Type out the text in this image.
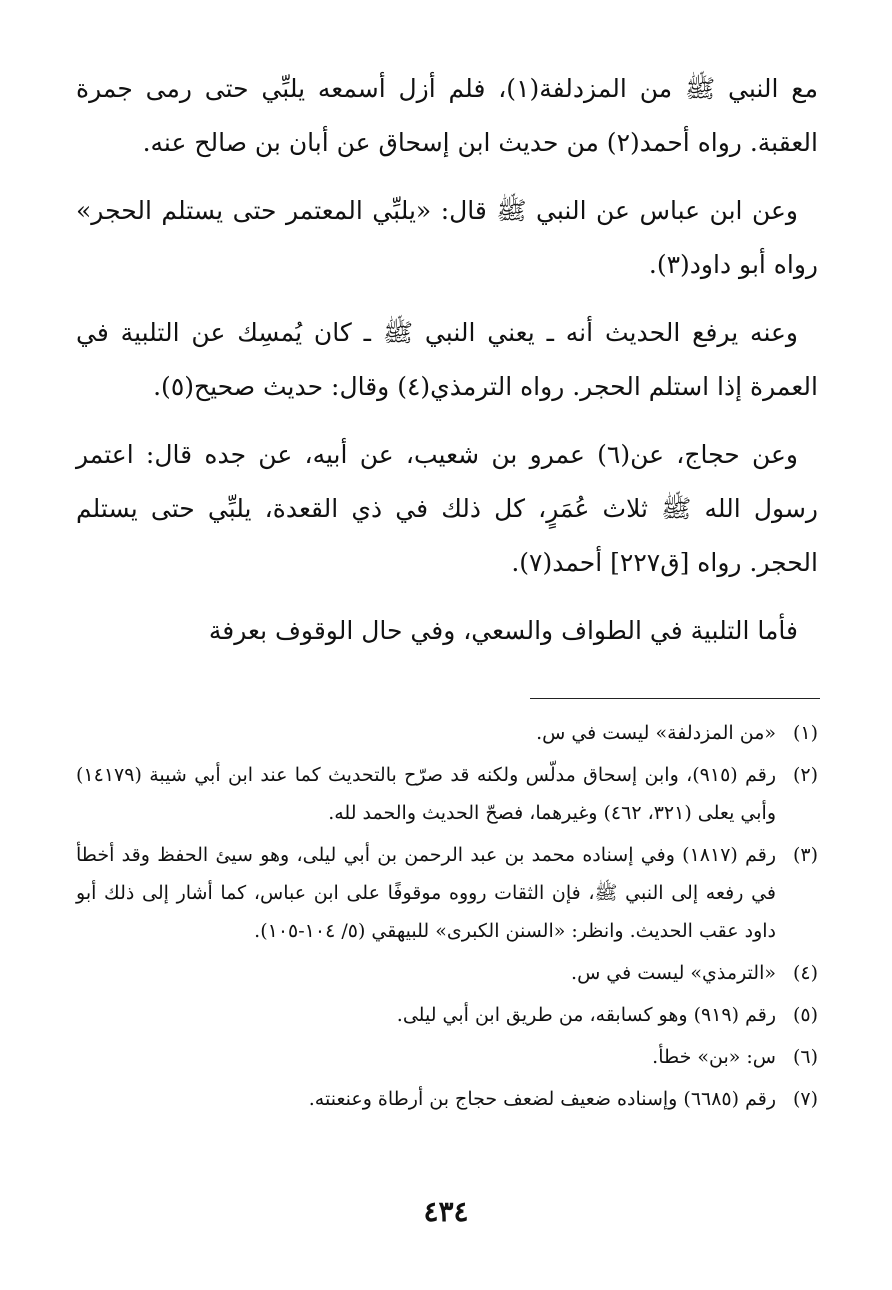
مع النبي ﷺ من المزدلفة(١)، فلم أزل أسمعه يلبِّي حتى رمى جمرة العقبة. رواه أحمد(٢) من حديث ابن إسحاق عن أبان بن صالح عنه.

وعن ابن عباس عن النبي ﷺ قال: «يلبِّي المعتمر حتى يستلم الحجر» رواه أبو داود(٣).

وعنه يرفع الحديث أنه ـ يعني النبي ﷺ ـ كان يُمسِك عن التلبية في العمرة إذا استلم الحجر. رواه الترمذي(٤) وقال: حديث صحيح(٥).

وعن حجاج، عن(٦) عمرو بن شعيب، عن أبيه، عن جده قال: اعتمر رسول الله ﷺ ثلاث عُمَرٍ، كل ذلك في ذي القعدة، يلبِّي حتى يستلم الحجر. رواه [ق٢٢٧] أحمد(٧).

فأما التلبية في الطواف والسعي، وفي حال الوقوف بعرفة

(١)
«من المزدلفة» ليست في س.
(٢)
رقم (٩١٥)، وابن إسحاق مدلّس ولكنه قد صرّح بالتحديث كما عند ابن أبي شيبة (١٤١٧٩) وأبي يعلى (٣٢١، ٤٦٢) وغيرهما، فصحّ الحديث والحمد لله.
(٣)
رقم (١٨١٧) وفي إسناده محمد بن عبد الرحمن بن أبي ليلى، وهو سيئ الحفظ وقد أخطأ في رفعه إلى النبي ﷺ، فإن الثقات رووه موقوفًا على ابن عباس، كما أشار إلى ذلك أبو داود عقب الحديث. وانظر: «السنن الكبرى» للبيهقي (٥/ ١٠٤-١٠٥).
(٤)
«الترمذي» ليست في س.
(٥)
رقم (٩١٩) وهو كسابقه، من طريق ابن أبي ليلى.
(٦)
س: «بن» خطأ.
(٧)
رقم (٦٦٨٥) وإسناده ضعيف لضعف حجاج بن أرطاة وعنعنته.
٤٣٤
